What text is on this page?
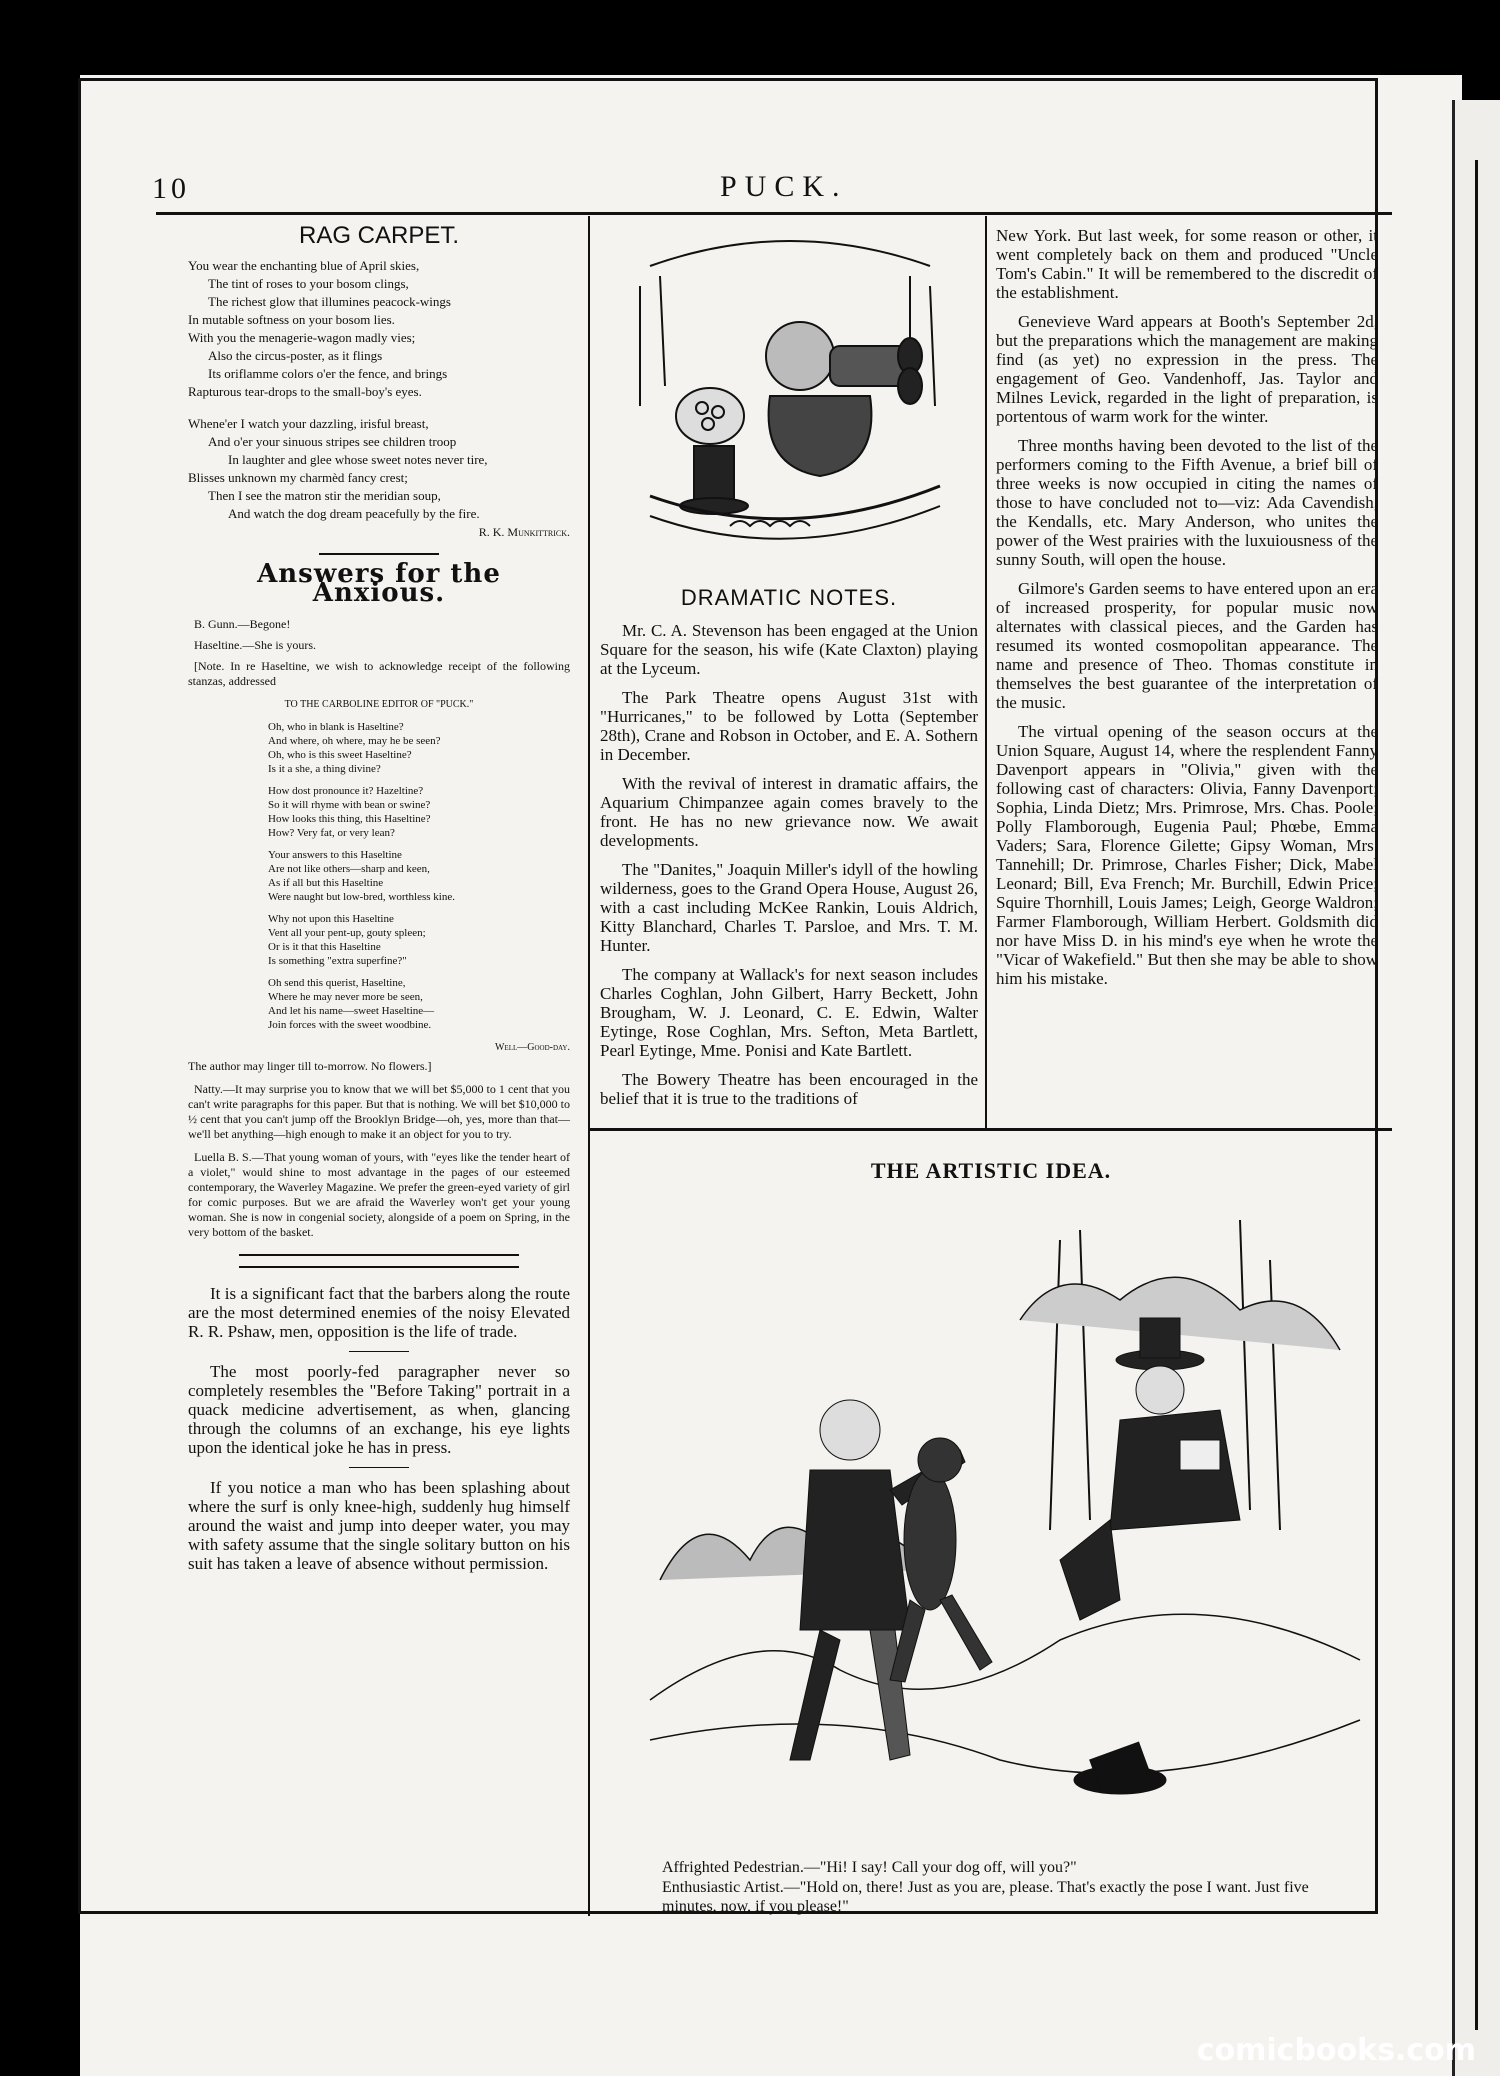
10	PUCK.
RAG CARPET.
You wear the enchanting blue of April skies,
The tint of roses to your bosom clings,
The richest glow that illumines peacock-wings
In mutable softness on your bosom lies.
With you the menagerie-wagon madly vies;
Also the circus-poster, as it flings
Its oriflamme colors o'er the fence, and brings
Rapturous tear-drops to the small-boy's eyes.
Whene'er I watch your dazzling, irisful breast,
And o'er your sinuous stripes see children troop
In laughter and glee whose sweet notes never tire,
Blisses unknown my charmèd fancy crest;
Then I see the matron stir the meridian soup,
And watch the dog dream peacefully by the fire.
R. K. Munkittrick.
Answers for the Anxious.
B. Gunn.—Begone!
Haseltine.—She is yours.
[Note. In re Haseltine, we wish to acknowledge receipt of the following stanzas, addressed
TO THE CARBOLINE EDITOR OF "PUCK."
Oh, who in blank is Haseltine?
And where, oh where, may he be seen?
Oh, who is this sweet Haseltine?
Is it a she, a thing divine?
How dost pronounce it? Hazeltine?
So it will rhyme with bean or swine?
How looks this thing, this Haseltine?
How? Very fat, or very lean?
Your answers to this Haseltine
Are not like others—sharp and keen,
As if all but this Haseltine
Were naught but low-bred, worthless kine.
Why not upon this Haseltine
Vent all your pent-up, gouty spleen;
Or is it that this Haseltine
Is something "extra superfine?"
Oh send this querist, Haseltine,
Where he may never more be seen,
And let his name—sweet Haseltine—
Join forces with the sweet woodbine.
Well—Good-day.
The author may linger till to-morrow. No flowers.]
Natty.—It may surprise you to know that we will bet $5,000 to 1 cent that you can't write paragraphs for this paper. But that is nothing. We will bet $10,000 to ½ cent that you can't jump off the Brooklyn Bridge—oh, yes, more than that—we'll bet anything—high enough to make it an object for you to try.
Luella B. S.—That young woman of yours, with "eyes like the tender heart of a violet," would shine to most advantage in the pages of our esteemed contemporary, the Waverley Magazine. We prefer the green-eyed variety of girl for comic purposes. But we are afraid the Waverley won't get your young woman. She is now in congenial society, alongside of a poem on Spring, in the very bottom of the basket.

It is a significant fact that the barbers along the route are the most determined enemies of the noisy Elevated R. R. Pshaw, men, opposition is the life of trade.

The most poorly-fed paragrapher never so completely resembles the "Before Taking" portrait in a quack medicine advertisement, as when, glancing through the columns of an exchange, his eye lights upon the identical joke he has in press.

If you notice a man who has been splashing about where the surf is only knee-high, suddenly hug himself around the waist and jump into deeper water, you may with safety assume that the single solitary button on his suit has taken a leave of absence without permission.

DRAMATIC NOTES.

Mr. C. A. Stevenson has been engaged at the Union Square for the season, his wife (Kate Claxton) playing at the Lyceum.

The Park Theatre opens August 31st with "Hurricanes," to be followed by Lotta (September 28th), Crane and Robson in October, and E. A. Sothern in December.

With the revival of interest in dramatic affairs, the Aquarium Chimpanzee again comes bravely to the front. He has no new grievance now. We await developments.

The "Danites," Joaquin Miller's idyll of the howling wilderness, goes to the Grand Opera House, August 26, with a cast including McKee Rankin, Louis Aldrich, Kitty Blanchard, Charles T. Parsloe, and Mrs. T. M. Hunter.

The company at Wallack's for next season includes Charles Coghlan, John Gilbert, Harry Beckett, John Brougham, W. J. Leonard, C. E. Edwin, Walter Eytinge, Rose Coghlan, Mrs. Sefton, Meta Bartlett, Pearl Eytinge, Mme. Ponisi and Kate Bartlett.

The Bowery Theatre has been encouraged in the belief that it is true to the traditions of

New York. But last week, for some reason or other, it went completely back on them and produced "Uncle Tom's Cabin." It will be remembered to the discredit of the establishment.

Genevieve Ward appears at Booth's September 2d, but the preparations which the management are making find (as yet) no expression in the press. The engagement of Geo. Vandenhoff, Jas. Taylor and Milnes Levick, regarded in the light of preparation, is portentous of warm work for the winter.

Three months having been devoted to the list of the performers coming to the Fifth Avenue, a brief bill of three weeks is now occupied in citing the names of those to have concluded not to—viz: Ada Cavendish, the Kendalls, etc. Mary Anderson, who unites the power of the West prairies with the luxuiousness of the sunny South, will open the house.

Gilmore's Garden seems to have entered upon an era of increased prosperity, for popular music now alternates with classical pieces, and the Garden has resumed its wonted cosmopolitan appearance. The name and presence of Theo. Thomas constitute in themselves the best guarantee of the interpretation of the music.

The virtual opening of the season occurs at the Union Square, August 14, where the resplendent Fanny Davenport appears in "Olivia," given with the following cast of characters: Olivia, Fanny Davenport; Sophia, Linda Dietz; Mrs. Primrose, Mrs. Chas. Poole; Polly Flamborough, Eugenia Paul; Phœbe, Emma Vaders; Sara, Florence Gilette; Gipsy Woman, Mrs. Tannehill; Dr. Primrose, Charles Fisher; Dick, Mabel Leonard; Bill, Eva French; Mr. Burchill, Edwin Price; Squire Thornhill, Louis James; Leigh, George Waldron; Farmer Flamborough, William Herbert. Goldsmith did nor have Miss D. in his mind's eye when he wrote the "Vicar of Wakefield." But then she may be able to show him his mistake.

THE ARTISTIC IDEA.
Affrighted Pedestrian.—"Hi! I say! Call your dog off, will you?"
Enthusiastic Artist.—"Hold on, there! Just as you are, please. That's exactly the pose I want. Just five minutes, now, if you please!"
comicbooks.com
